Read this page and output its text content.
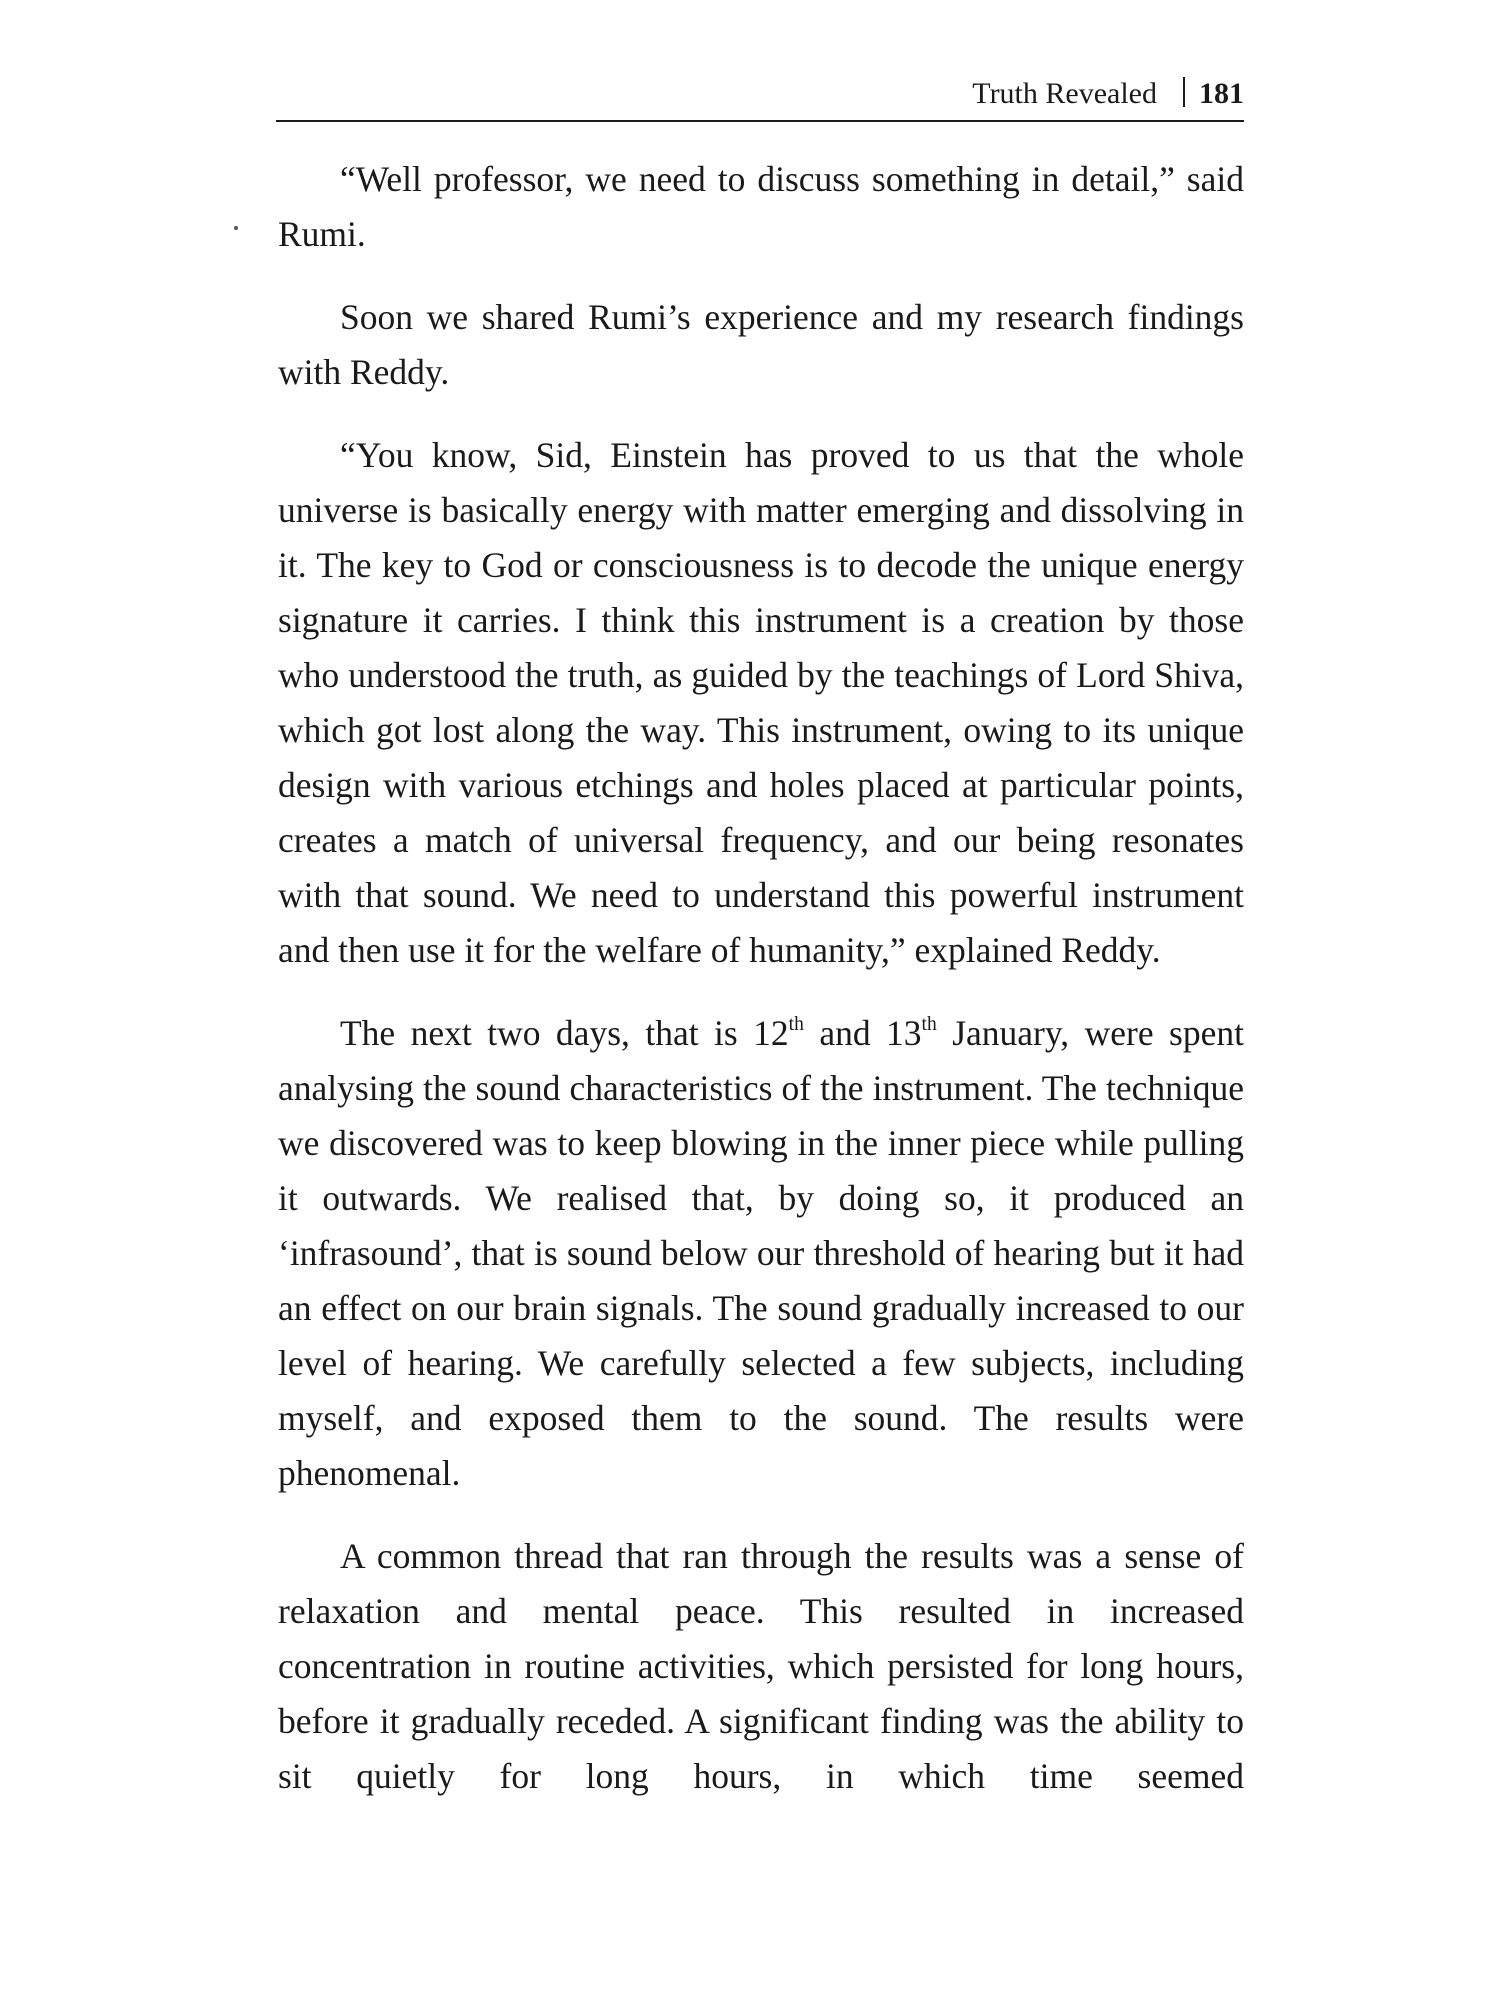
Truth Revealed 181

“Well professor, we need to discuss something in detail,” said Rumi.

Soon we shared Rumi’s experience and my research findings with Reddy.

“You know, Sid, Einstein has proved to us that the whole universe is basically energy with matter emerging and dissolving in it. The key to God or consciousness is to decode the unique energy signature it carries. I think this instrument is a creation by those who understood the truth, as guided by the teachings of Lord Shiva, which got lost along the way. This instrument, owing to its unique design with various etchings and holes placed at particular points, creates a match of universal frequency, and our being resonates with that sound. We need to understand this powerful instrument and then use it for the welfare of humanity,” explained Reddy.

The next two days, that is 12th and 13th January, were spent analysing the sound characteristics of the instrument. The technique we discovered was to keep blowing in the inner piece while pulling it outwards. We realised that, by doing so, it produced an ‘infrasound’, that is sound below our threshold of hearing but it had an effect on our brain signals. The sound gradually increased to our level of hearing. We carefully selected a few subjects, including myself, and exposed them to the sound. The results were phenomenal.

A common thread that ran through the results was a sense of relaxation and mental peace. This resulted in increased concentration in routine activities, which persisted for long hours, before it gradually receded. A significant finding was the ability to sit quietly for long hours, in which time seemed
